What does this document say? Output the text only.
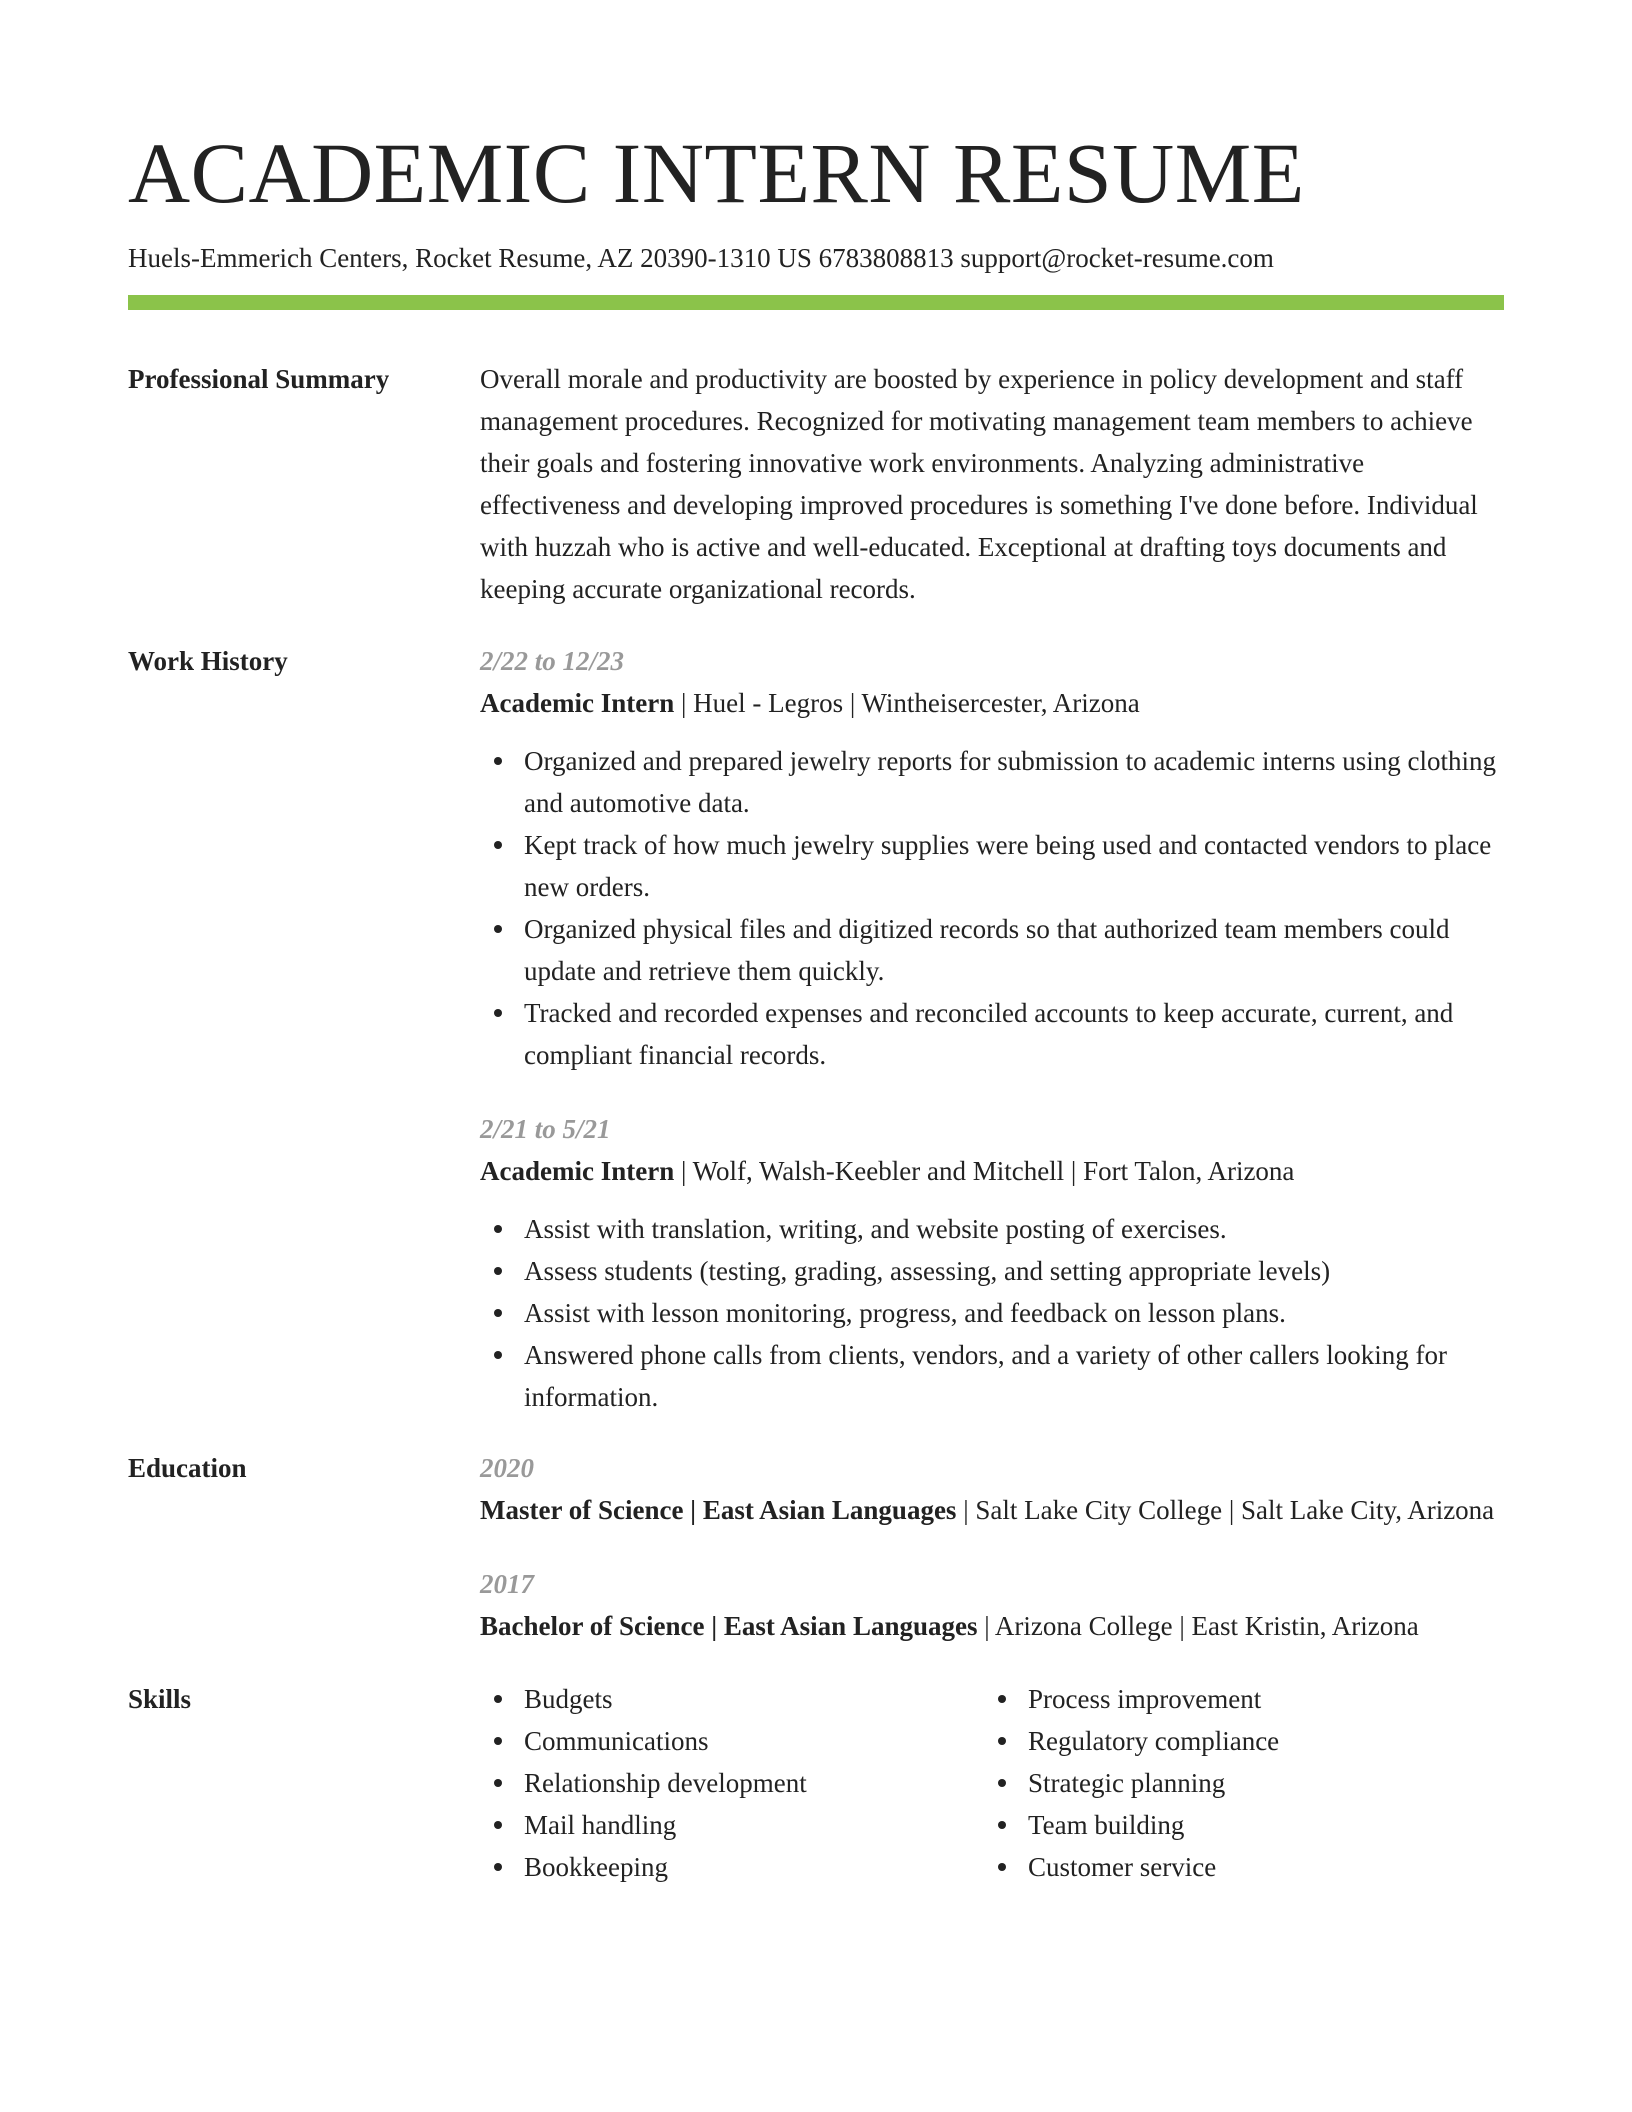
ACADEMIC INTERN RESUME
Huels-Emmerich Centers, Rocket Resume, AZ 20390-1310 US 6783808813 support@rocket-resume.com
Professional Summary	Overall morale and productivity are boosted by experience in policy development and staff management procedures. Recognized for motivating management team members to achieve their goals and fostering innovative work environments. Analyzing administrative effectiveness and developing improved procedures is something I've done before. Individual with huzzah who is active and well-educated. Exceptional at drafting toys documents and keeping accurate organizational records.
Work History	2/22 to 12/23
Academic Intern | Huel - Legros | Wintheisercester, Arizona
Organized and prepared jewelry reports for submission to academic interns using clothing and automotive data.
Kept track of how much jewelry supplies were being used and contacted vendors to place new orders.
Organized physical files and digitized records so that authorized team members could update and retrieve them quickly.
Tracked and recorded expenses and reconciled accounts to keep accurate, current, and compliant financial records.
2/21 to 5/21
Academic Intern | Wolf, Walsh-Keebler and Mitchell | Fort Talon, Arizona
Assist with translation, writing, and website posting of exercises.
Assess students (testing, grading, assessing, and setting appropriate levels)
Assist with lesson monitoring, progress, and feedback on lesson plans.
Answered phone calls from clients, vendors, and a variety of other callers looking for information.
Education	2020
Master of Science | East Asian Languages | Salt Lake City College | Salt Lake City, Arizona
2017
Bachelor of Science | East Asian Languages | Arizona College | East Kristin, Arizona
Skills	Budgets
Communications
Relationship development
Mail handling
Bookkeeping
Process improvement
Regulatory compliance
Strategic planning
Team building
Customer service
